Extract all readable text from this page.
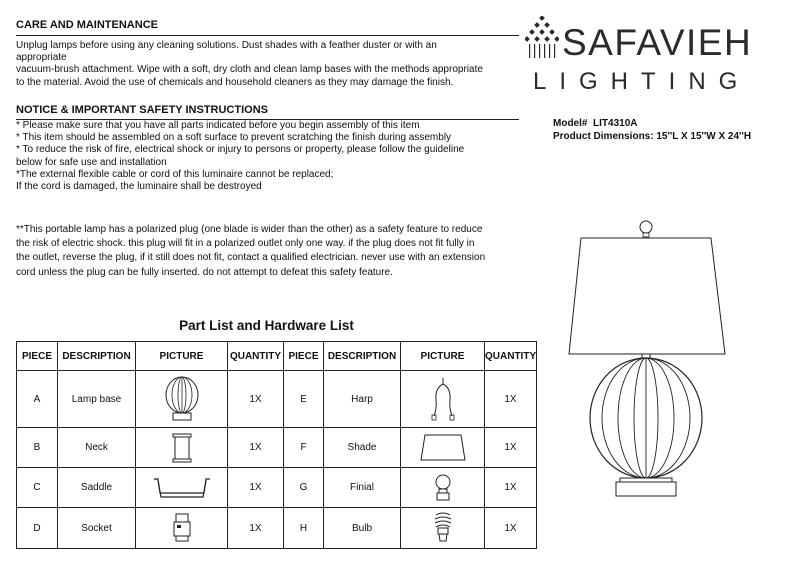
CARE AND MAINTENANCE
Unplug lamps before using any cleaning solutions. Dust shades with a feather duster or with an
appropriate
vacuum-brush attachment. Wipe with a soft, dry cloth and clean lamp bases with the methods appropriate
to the material. Avoid the use of chemicals and household cleaners as they may damage the finish.
NOTICE & IMPORTANT SAFETY INSTRUCTIONS
* Please make sure that you have all parts indicated before you begin assembly of this item
* This item should be assembled on a soft surface to prevent scratching the finish during assembly
* To reduce the risk of fire, electrical shock or injury to persons or property, please follow the guideline
below for safe use and installation
*The external flexible cable or cord of this luminaire cannot be replaced;
If the cord is damaged, the luminaire shall be destroyed
**This portable lamp has a polarized plug (one blade is wider than the other) as a safety feature to reduce
the risk of electric shock. this plug will fit in a polarized outlet only one way. if the plug does not fit fully in
the outlet, reverse the plug, if it still does not fit, contact a qualified electrician. never use with an extension
cord unless the plug can be fully inserted. do not attempt to defeat this safety feature.
Part List and Hardware List
PIECE	DESCRIPTION	PICTURE	QUANTITY	PIECE	DESCRIPTION	PICTURE	QUANTITY
A	Lamp base		1X	E	Harp		1X
B	Neck		1X	F	Shade		1X
C	Saddle		1X	G	Finial		1X
D	Socket		1X	H	Bulb		1X
SAFAVIEH
LIGHTING
Model# LIT4310A
Product Dimensions: 15''L X 15''W X 24''H
